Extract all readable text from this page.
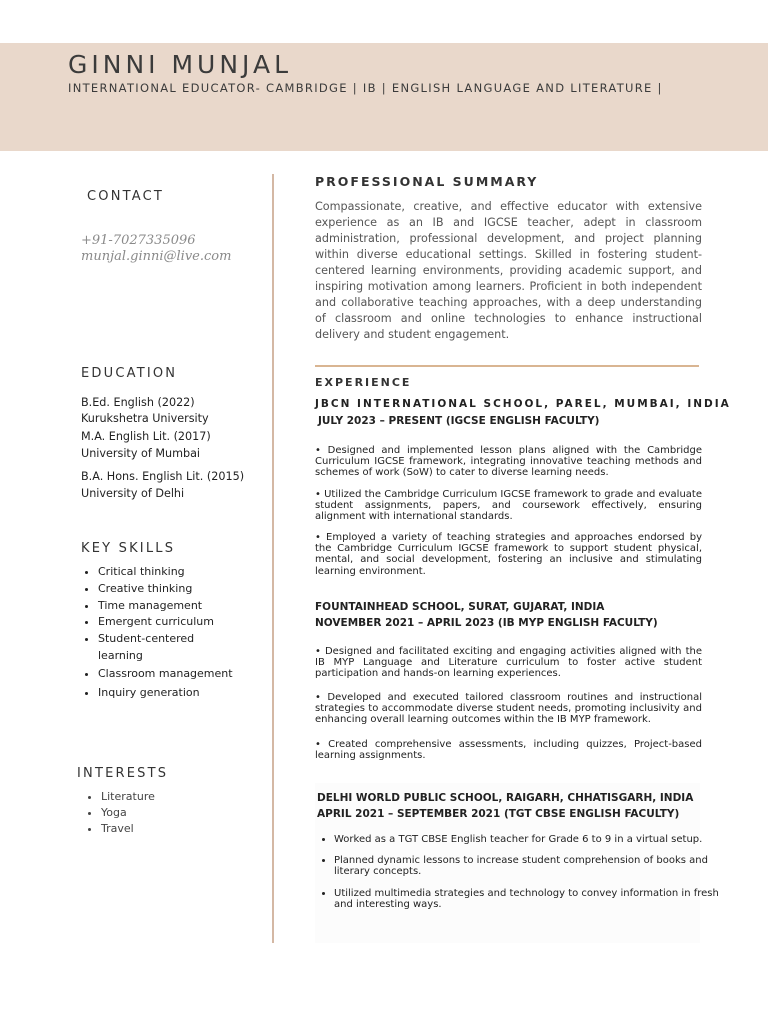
GINNI MUNJAL
INTERNATIONAL EDUCATOR- CAMBRIDGE | IB | ENGLISH LANGUAGE AND LITERATURE |
CONTACT
+91-7027335096
munjal.ginni@live.com
EDUCATION
B.Ed. English (2022)
Kurukshetra University
M.A. English Lit. (2017)
University of Mumbai
B.A. Hons. English Lit. (2015)
University of Delhi
KEY SKILLS
• Critical thinking
• Creative thinking
• Time management
• Emergent curriculum
• Student-centered learning
• Classroom management
• Inquiry generation
INTERESTS
• Literature
• Yoga
• Travel
PROFESSIONAL SUMMARY

Compassionate, creative, and effective educator with extensive experience as an IB and IGCSE teacher, adept in classroom administration, professional development, and project planning within diverse educational settings. Skilled in fostering student-centered learning environments, providing academic support, and inspiring motivation among learners. Proficient in both independent and collaborative teaching approaches, with a deep understanding of classroom and online technologies to enhance instructional delivery and student engagement.

EXPERIENCE
JBCN INTERNATIONAL SCHOOL, PAREL, MUMBAI, INDIA
JULY 2023 – PRESENT (IGCSE ENGLISH FACULTY)

• Designed and implemented lesson plans aligned with the Cambridge Curriculum IGCSE framework, integrating innovative teaching methods and schemes of work (SoW) to cater to diverse learning needs.

• Utilized the Cambridge Curriculum IGCSE framework to grade and evaluate student assignments, papers, and coursework effectively, ensuring alignment with international standards.

• Employed a variety of teaching strategies and approaches endorsed by the Cambridge Curriculum IGCSE framework to support student physical, mental, and social development, fostering an inclusive and stimulating learning environment.

FOUNTAINHEAD SCHOOL, SURAT, GUJARAT, INDIA
NOVEMBER 2021 – APRIL 2023 (IB MYP ENGLISH FACULTY)

• Designed and facilitated exciting and engaging activities aligned with the IB MYP Language and Literature curriculum to foster active student participation and hands-on learning experiences.

• Developed and executed tailored classroom routines and instructional strategies to accommodate diverse student needs, promoting inclusivity and enhancing overall learning outcomes within the IB MYP framework.

• Created comprehensive assessments, including quizzes, Project-based learning assignments.

DELHI WORLD PUBLIC SCHOOL, RAIGARH, CHHATISGARH, INDIA
APRIL 2021 – SEPTEMBER 2021 (TGT CBSE ENGLISH FACULTY)
• Worked as a TGT CBSE English teacher for Grade 6 to 9 in a virtual setup.
• Planned dynamic lessons to increase student comprehension of books and literary concepts.
• Utilized multimedia strategies and technology to convey information in fresh and interesting ways.
